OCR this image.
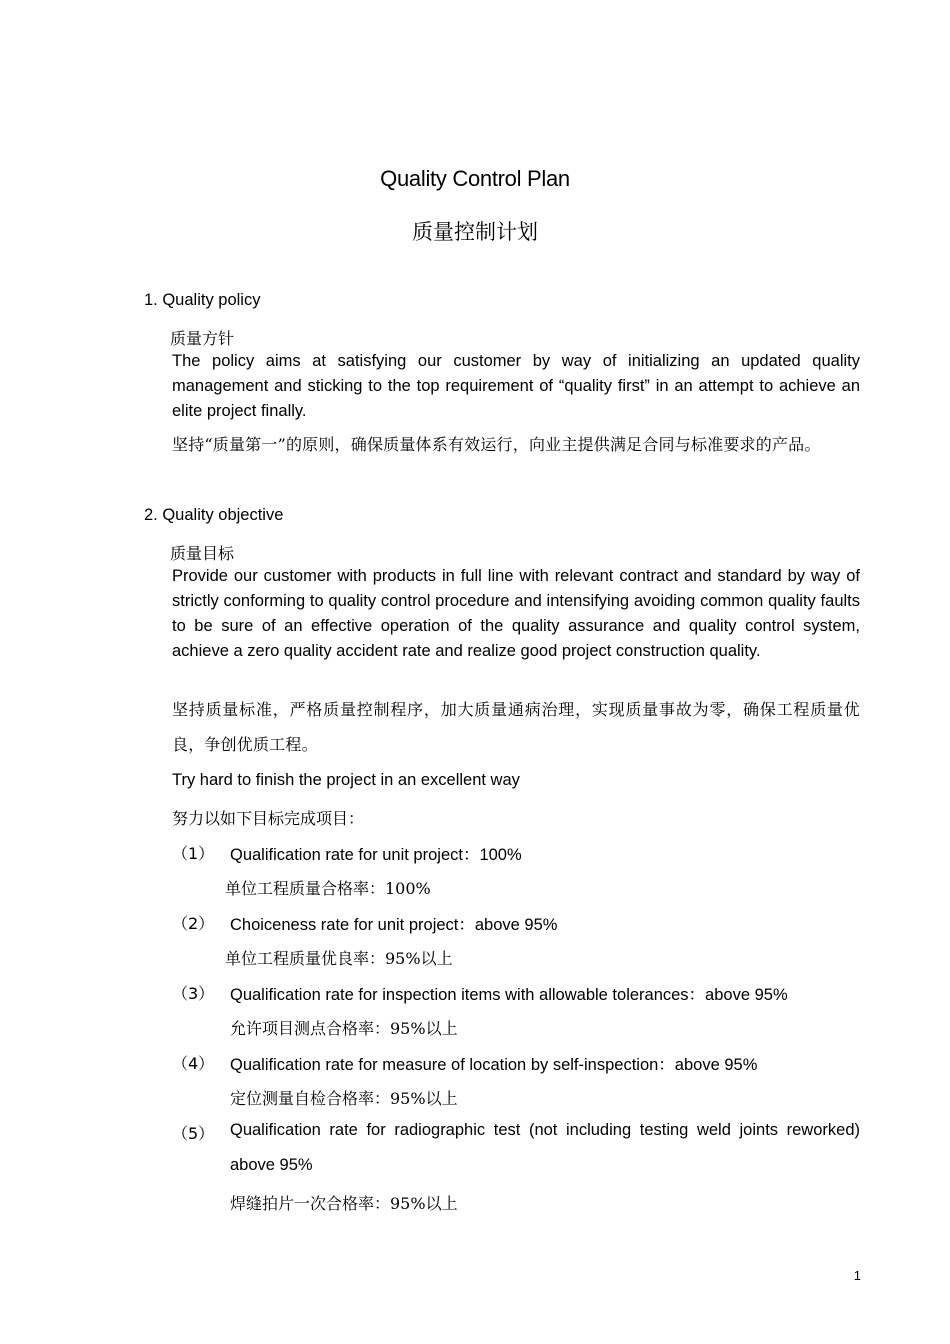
Quality Control Plan
质量控制计划
1. Quality policy
质量方针
The policy aims at satisfying our customer by way of initializing an updated quality management and sticking to the top requirement of “quality first” in an attempt to achieve an elite project finally.
坚持“质量第一”的原则，确保质量体系有效运行，向业主提供满足合同与标准要求的产品。
2. Quality objective
质量目标
Provide our customer with products in full line with relevant contract and standard by way of strictly conforming to quality control procedure and intensifying avoiding common quality faults to be sure of an effective operation of the quality assurance and quality control system, achieve a zero quality accident rate and realize good project construction quality.
坚持质量标准，严格质量控制程序，加大质量通病治理，实现质量事故为零，确保工程质量优良，争创优质工程。
Try hard to finish the project in an excellent way
努力以如下目标完成项目：
（1） Qualification rate for unit project：100%
单位工程质量合格率：100%
（2） Choiceness rate for unit project：above 95%
单位工程质量优良率：95%以上
（3） Qualification rate for inspection items with allowable tolerances：above 95%
允许项目测点合格率：95%以上
（4） Qualification rate for measure of location by self-inspection：above 95%
定位测量自检合格率：95%以上
（5） Qualification rate for radiographic test (not including testing weld joints reworked) above 95%
焊缝拍片一次合格率：95%以上
1
